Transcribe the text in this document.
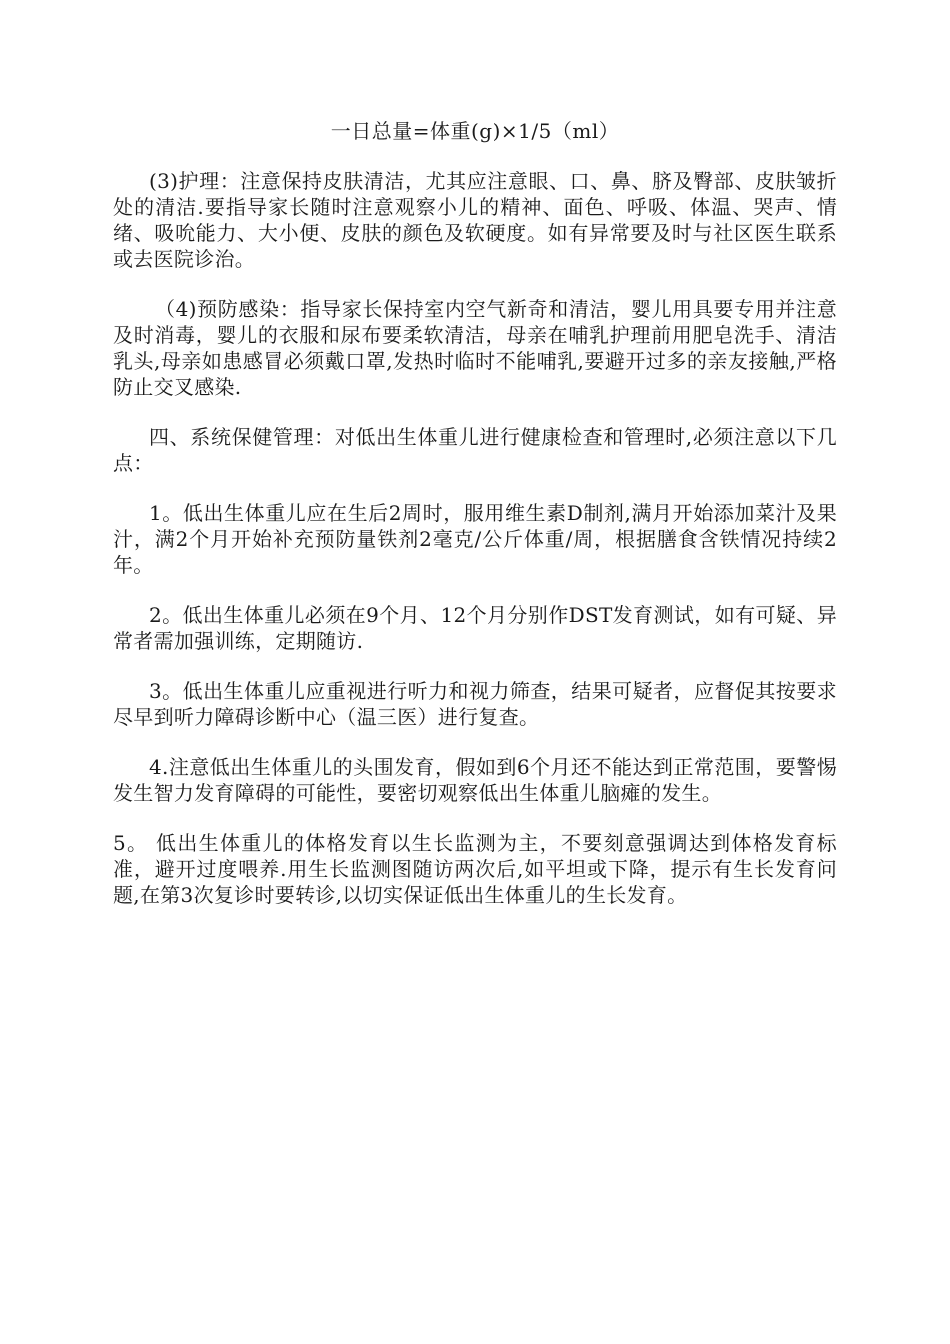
一日总量=体重(g)×1/5（ml）

(3)护理：注意保持皮肤清洁，尤其应注意眼、口、鼻、脐及臀部、皮肤皱折处的清洁.要指导家长随时注意观察小儿的精神、面色、呼吸、体温、哭声、情绪、吸吮能力、大小便、皮肤的颜色及软硬度。如有异常要及时与社区医生联系或去医院诊治。

（4)预防感染：指导家长保持室内空气新奇和清洁，婴儿用具要专用并注意及时消毒，婴儿的衣服和尿布要柔软清洁，母亲在哺乳护理前用肥皂洗手、清洁乳头,母亲如患感冒必须戴口罩,发热时临时不能哺乳,要避开过多的亲友接触,严格防止交叉感染.

四、系统保健管理：对低出生体重儿进行健康检查和管理时,必须注意以下几点：

1。低出生体重儿应在生后2周时，服用维生素D制剂,满月开始添加菜汁及果汁，满2个月开始补充预防量铁剂2毫克/公斤体重/周，根据膳食含铁情况持续2年。

2。低出生体重儿必须在9个月、12个月分别作DST发育测试，如有可疑、异常者需加强训练，定期随访.

3。低出生体重儿应重视进行听力和视力筛查，结果可疑者，应督促其按要求尽早到听力障碍诊断中心（温三医）进行复查。

4.注意低出生体重儿的头围发育，假如到6个月还不能达到正常范围，要警惕发生智力发育障碍的可能性，要密切观察低出生体重儿脑瘫的发生。

5。 低出生体重儿的体格发育以生长监测为主，不要刻意强调达到体格发育标准，避开过度喂养.用生长监测图随访两次后,如平坦或下降，提示有生长发育问题,在第3次复诊时要转诊,以切实保证低出生体重儿的生长发育。
